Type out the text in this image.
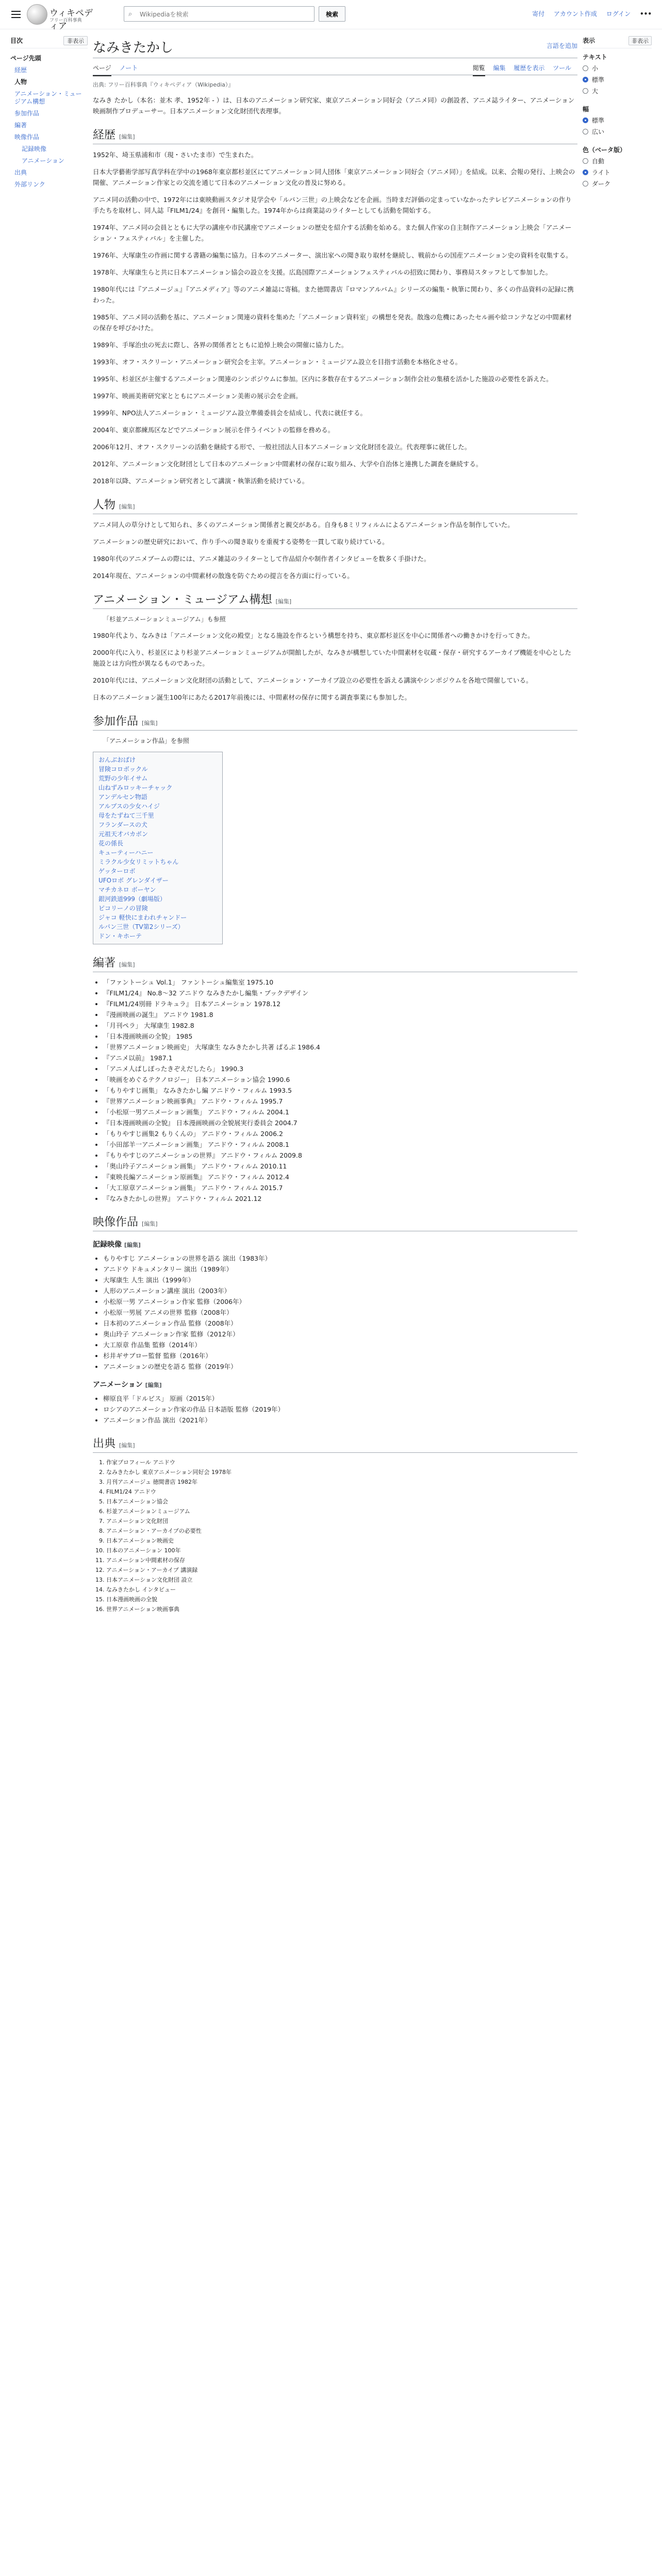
ウィキペディア
フリー百科事典
⌕
Wikipediaを検索	検索	寄付 アカウント作成 ログイン •••
目次	非表示
ページ先頭
経歴
人物
アニメーション・ミュージアム構想
参加作品
編著
映像作品
記録映像
アニメーション
出典
外部リンク
なみきたかし	言語を追加
ページ ノート	閲覧 編集 履歴を表示 ツール
出典: フリー百科事典『ウィキペディア（Wikipedia）』

なみき たかし（本名：並木 孝、1952年 - ）は、日本のアニメーション研究家、東京アニメーション同好会（アニメ同）の創設者、アニメ誌ライター、アニメーション映画制作プロデューサー。日本アニメーション文化財団代表理事。

経歴 [編集]

1952年、埼玉県浦和市（現・さいたま市）で生まれた。

日本大学藝術学部写真学科在学中の1968年東京都杉並区にてアニメーション同人団体「東京アニメーション同好会（アニメ同）」を結成。以来、会報の発行、上映会の開催、アニメーション作家との交流を通じて日本のアニメーション文化の普及に努める。

アニメ同の活動の中で、1972年には東映動画スタジオ見学会や「ルパン三世」の上映会などを企画。当時まだ評価の定まっていなかったテレビアニメーションの作り手たちを取材し、同人誌『FILM1/24』を創刊・編集した。1974年からは商業誌のライターとしても活動を開始する。

1974年、アニメ同の会員とともに大学の講座や市民講座でアニメーションの歴史を紹介する活動を始める。また個人作家の自主制作アニメーション上映会「アニメーション・フェスティバル」を主催した。

1976年、大塚康生の作画に関する書籍の編集に協力。日本のアニメーター、演出家への聞き取り取材を継続し、戦前からの国産アニメーション史の資料を収集する。

1978年、大塚康生らと共に日本アニメーション協会の設立を支援。広島国際アニメーションフェスティバルの招致に関わり、事務局スタッフとして参加した。

1980年代には『アニメージュ』『アニメディア』等のアニメ雑誌に寄稿。また徳間書店『ロマンアルバム』シリーズの編集・執筆に関わり、多くの作品資料の記録に携わった。

1985年、アニメ同の活動を基に、アニメーション関連の資料を集めた「アニメーション資料室」の構想を発表。散逸の危機にあったセル画や絵コンテなどの中間素材の保存を呼びかけた。

1989年、手塚治虫の死去に際し、各界の関係者とともに追悼上映会の開催に協力した。

1993年、オフ・スクリーン・アニメーション研究会を主宰。アニメーション・ミュージアム設立を目指す活動を本格化させる。

1995年、杉並区が主催するアニメーション関連のシンポジウムに参加。区内に多数存在するアニメーション制作会社の集積を活かした施設の必要性を訴えた。

1997年、映画美術研究家とともにアニメーション美術の展示会を企画。

1999年、NPO法人アニメーション・ミュージアム設立準備委員会を結成し、代表に就任する。

2004年、東京都練馬区などでアニメーション展示を伴うイベントの監修を務める。

2006年12月、オフ・スクリーンの活動を継続する形で、一般社団法人日本アニメーション文化財団を設立。代表理事に就任した。

2012年、アニメーション文化財団として日本のアニメーション中間素材の保存に取り組み、大学や自治体と連携した調査を継続する。

2018年以降、アニメーション研究者として講演・執筆活動を続けている。

人物 [編集]

アニメ同人の草分けとして知られ、多くのアニメーション関係者と親交がある。自身も8ミリフィルムによるアニメーション作品を制作していた。

アニメーションの歴史研究において、作り手への聞き取りを重視する姿勢を一貫して取り続けている。

1980年代のアニメブームの際には、アニメ雑誌のライターとして作品紹介や制作者インタビューを数多く手掛けた。

2014年現在、アニメーションの中間素材の散逸を防ぐための提言を各方面に行っている。

アニメーション・ミュージアム構想 [編集]
「杉並アニメーションミュージアム」も参照

1980年代より、なみきは「アニメーション文化の殿堂」となる施設を作るという構想を持ち、東京都杉並区を中心に関係者への働きかけを行ってきた。

2000年代に入り、杉並区により杉並アニメーションミュージアムが開館したが、なみきが構想していた中間素材を収蔵・保存・研究するアーカイブ機能を中心とした施設とは方向性が異なるものであった。

2010年代には、アニメーション文化財団の活動として、アニメーション・アーカイブ設立の必要性を訴える講演やシンポジウムを各地で開催している。

日本のアニメーション誕生100年にあたる2017年前後には、中間素材の保存に関する調査事業にも参加した。

参加作品 [編集]
「アニメーション作品」を参照
おんぶおばけ
冒険コロボックル
荒野の少年イサム
山ねずみロッキーチャック
アンデルセン物語
アルプスの少女ハイジ
母をたずねて三千里
フランダースの犬
元祖天才バカボン
花の係長
キューティーハニー
ミラクル少女リミットちゃん
ゲッターロボ
UFOロボ グレンダイザー
マチカネロ ボーヤン
銀河鉄道999（劇場版）
ピコリーノの冒険
ジャコ 軽快にまわれチャンドー
ルパン三世（TV第2シリーズ）
ドン・キホーテ
編著 [編集]
• 「ファントーシュ Vol.1」 ファントーシュ編集室 1975.10
• 『FILM1/24』 No.8〜32 アニドウ なみきたかし編集・ブックデザイン
• 『FILM1/24別冊 ドラキュラ』 日本アニメーション 1978.12
• 『漫画映画の誕生』 アニドウ 1981.8
• 「月刊ペラ」 大塚康生 1982.8
• 「日本漫画映画の全貌」 1985
• 「世界アニメーション映画史」 大塚康生 なみきたかし共著 ぱるぷ 1986.4
• 『アニメ以前』 1987.1
• 「アニメ人ぱしぽったきぞえだしたら」 1990.3
• 「映画をめぐるテクノロジー」 日本アニメーション協会 1990.6
• 「もりやすじ画集」 なみきたかし編 アニドウ・フィルム 1993.5
• 『世界アニメーション映画事典』 アニドウ・フィルム 1995.7
• 「小松原一男アニメーション画集」 アニドウ・フィルム 2004.1
• 『日本漫画映画の全貌』 日本漫画映画の全貌展実行委員会 2004.7
• 「もりやすじ画集2 もりくんの」 アニドウ・フィルム 2006.2
• 「小田部羊一アニメーション画集」 アニドウ・フィルム 2008.1
• 『もりやすじのアニメーションの世界』 アニドウ・フィルム 2009.8
• 「奥山玲子アニメーション画集」 アニドウ・フィルム 2010.11
• 『東映長編アニメーション原画集』 アニドウ・フィルム 2012.4
• 「大工原章アニメーション画集」 アニドウ・フィルム 2015.7
• 『なみきたかしの世界』 アニドウ・フィルム 2021.12
映像作品 [編集]
記録映像 [編集]
• もりやすじ アニメーションの世界を語る 演出（1983年）
• アニドウ ドキュメンタリー 演出（1989年）
• 大塚康生 人生 演出（1999年）
• 人形のアニメーション講座 演出（2003年）
• 小松原一男 アニメーション作家 監修（2006年）
• 小松原一男展 アニメの世界 監修（2008年）
• 日本初のアニメーション作品 監修（2008年）
• 奥山玲子 アニメーション作家 監修（2012年）
• 大工原章 作品集 監修（2014年）
• 杉井ギサブロー監督 監修（2016年）
• アニメーションの歴史を語る 監修（2019年）
アニメーション [編集]
• 柳原良平「ドルビス」 原画（2015年）
• ロシアのアニメーション作家の作品 日本語版 監修（2019年）
• アニメーション作品 演出（2021年）
出典 [編集]
1. 作家プロフィール アニドウ
2. なみきたかし 東京アニメーション同好会 1978年
3. 月刊アニメージュ 徳間書店 1982年
4. FILM1/24 アニドウ
5. 日本アニメーション協会
6. 杉並アニメーションミュージアム
7. アニメーション文化財団
8. アニメーション・アーカイブの必要性
9. 日本アニメーション映画史
10. 日本のアニメーション 100年
11. アニメーション中間素材の保存
12. アニメーション・アーカイブ 講演録
13. 日本アニメーション文化財団 設立
14. なみきたかし インタビュー
15. 日本漫画映画の全貌
16. 世界アニメーション映画事典
表示	非表示
テキスト
小
標準
大
幅
標準
広い
色（ベータ版）
自動
ライト
ダーク
